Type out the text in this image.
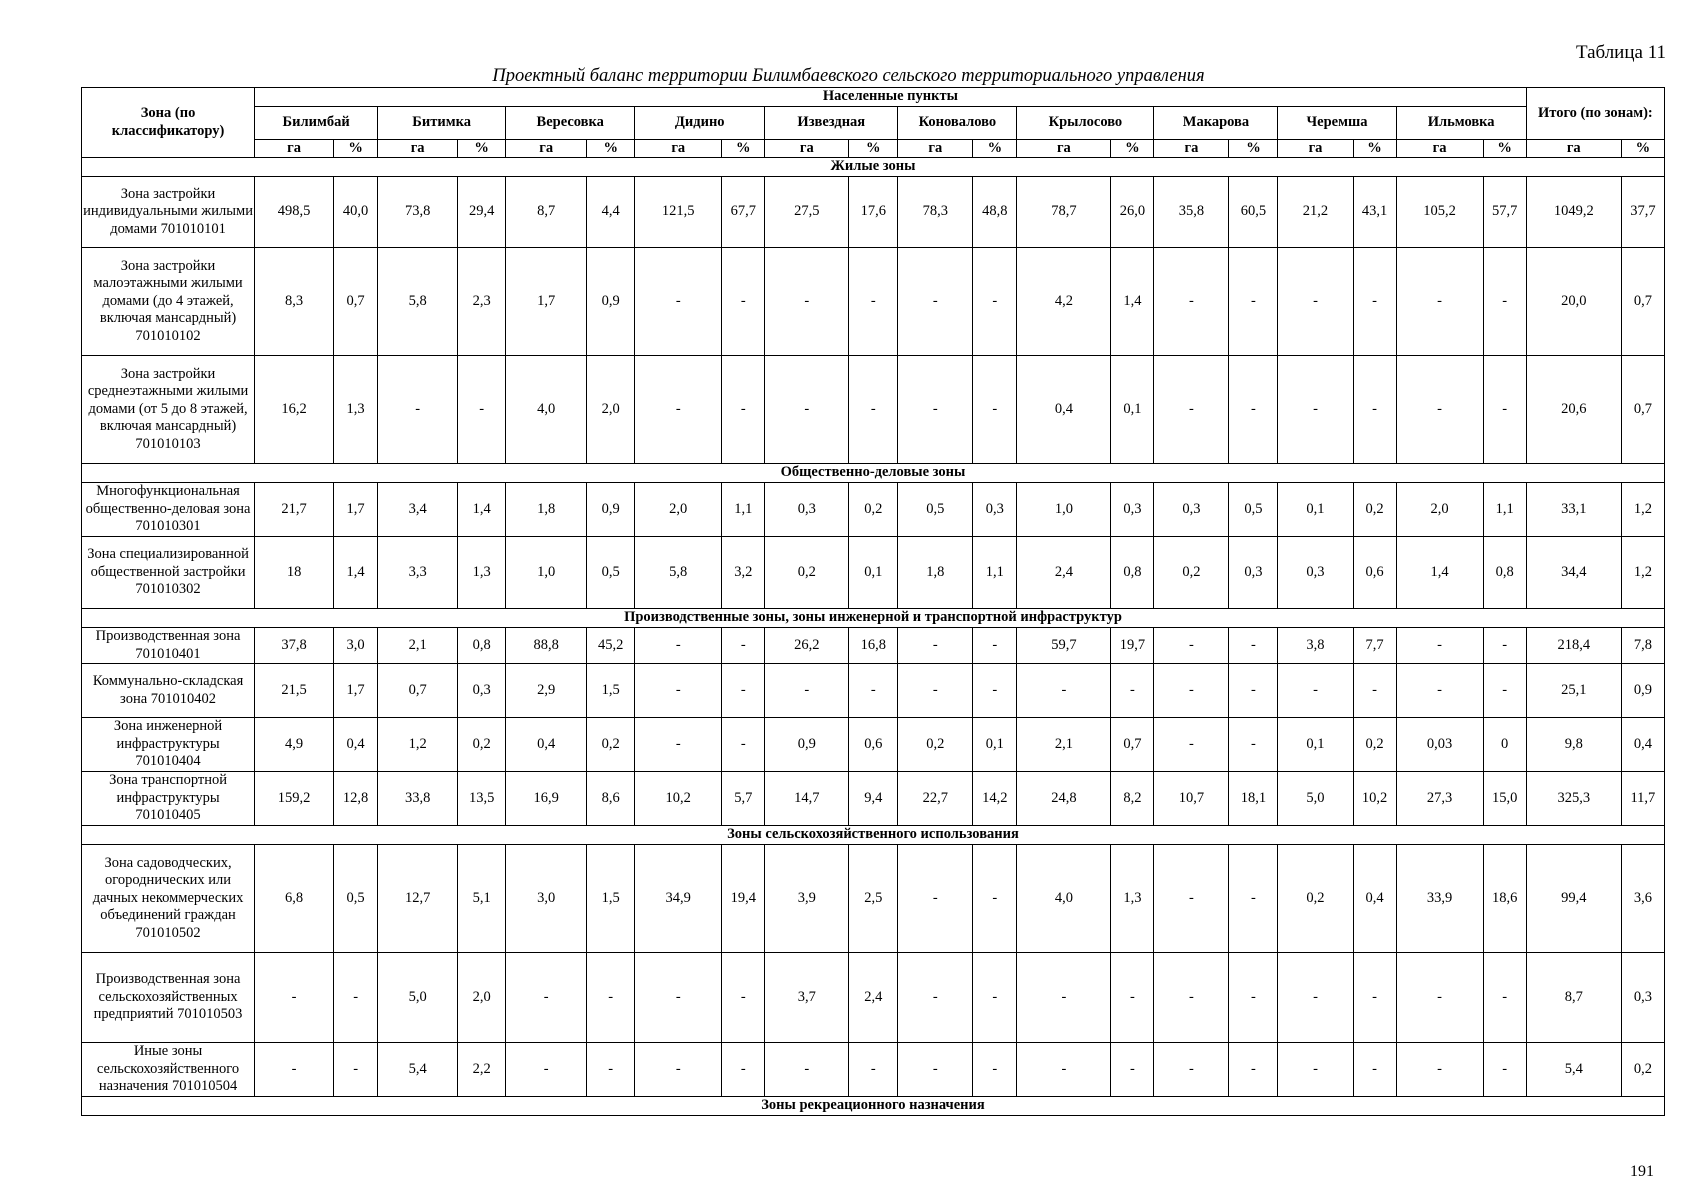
Таблица 11
Проектный баланс территории Билимбаевского сельского территориального управления
Зона (по классификатору)	Населенные пункты																				Итого (по зонам):	
	Билимбай		Битимка		Вересовка		Дидино		Извездная		Коновалово		Крылосово		Макарова		Черемша		Ильмовка			
	га	%	га	%	га	%	га	%	га	%	га	%	га	%	га	%	га	%	га	%	га	%
Жилые зоны																						
Зона застройки индивидуальными жилыми домами 701010101	498,5	40,0	73,8	29,4	8,7	4,4	121,5	67,7	27,5	17,6	78,3	48,8	78,7	26,0	35,8	60,5	21,2	43,1	105,2	57,7	1049,2	37,7
Зона застройки малоэтажными жилыми домами (до 4 этажей, включая мансардный) 701010102	8,3	0,7	5,8	2,3	1,7	0,9	-	-	-	-	-	-	4,2	1,4	-	-	-	-	-	-	20,0	0,7
Зона застройки среднеэтажными жилыми домами (от 5 до 8 этажей, включая мансардный) 701010103	16,2	1,3	-	-	4,0	2,0	-	-	-	-	-	-	0,4	0,1	-	-	-	-	-	-	20,6	0,7
Общественно-деловые зоны																						
Многофункциональная общественно-деловая зона 701010301	21,7	1,7	3,4	1,4	1,8	0,9	2,0	1,1	0,3	0,2	0,5	0,3	1,0	0,3	0,3	0,5	0,1	0,2	2,0	1,1	33,1	1,2
Зона специализированной общественной застройки 701010302	18	1,4	3,3	1,3	1,0	0,5	5,8	3,2	0,2	0,1	1,8	1,1	2,4	0,8	0,2	0,3	0,3	0,6	1,4	0,8	34,4	1,2
Производственные зоны, зоны инженерной и транспортной инфраструктур																						
Производственная зона 701010401	37,8	3,0	2,1	0,8	88,8	45,2	-	-	26,2	16,8	-	-	59,7	19,7	-	-	3,8	7,7	-	-	218,4	7,8
Коммунально-складская зона 701010402	21,5	1,7	0,7	0,3	2,9	1,5	-	-	-	-	-	-	-	-	-	-	-	-	-	-	25,1	0,9
Зона инженерной инфраструктуры 701010404	4,9	0,4	1,2	0,2	0,4	0,2	-	-	0,9	0,6	0,2	0,1	2,1	0,7	-	-	0,1	0,2	0,03	0	9,8	0,4
Зона транспортной инфраструктуры 701010405	159,2	12,8	33,8	13,5	16,9	8,6	10,2	5,7	14,7	9,4	22,7	14,2	24,8	8,2	10,7	18,1	5,0	10,2	27,3	15,0	325,3	11,7
Зоны сельскохозяйственного использования																						
Зона садоводческих, огороднических или дачных некоммерческих объединений граждан 701010502	6,8	0,5	12,7	5,1	3,0	1,5	34,9	19,4	3,9	2,5	-	-	4,0	1,3	-	-	0,2	0,4	33,9	18,6	99,4	3,6
Производственная зона сельскохозяйственных предприятий 701010503	-	-	5,0	2,0	-	-	-	-	3,7	2,4	-	-	-	-	-	-	-	-	-	-	8,7	0,3
Иные зоны сельскохозяйственного назначения 701010504	-	-	5,4	2,2	-	-	-	-	-	-	-	-	-	-	-	-	-	-	-	-	5,4	0,2
Зоны рекреационного назначения																						
191
